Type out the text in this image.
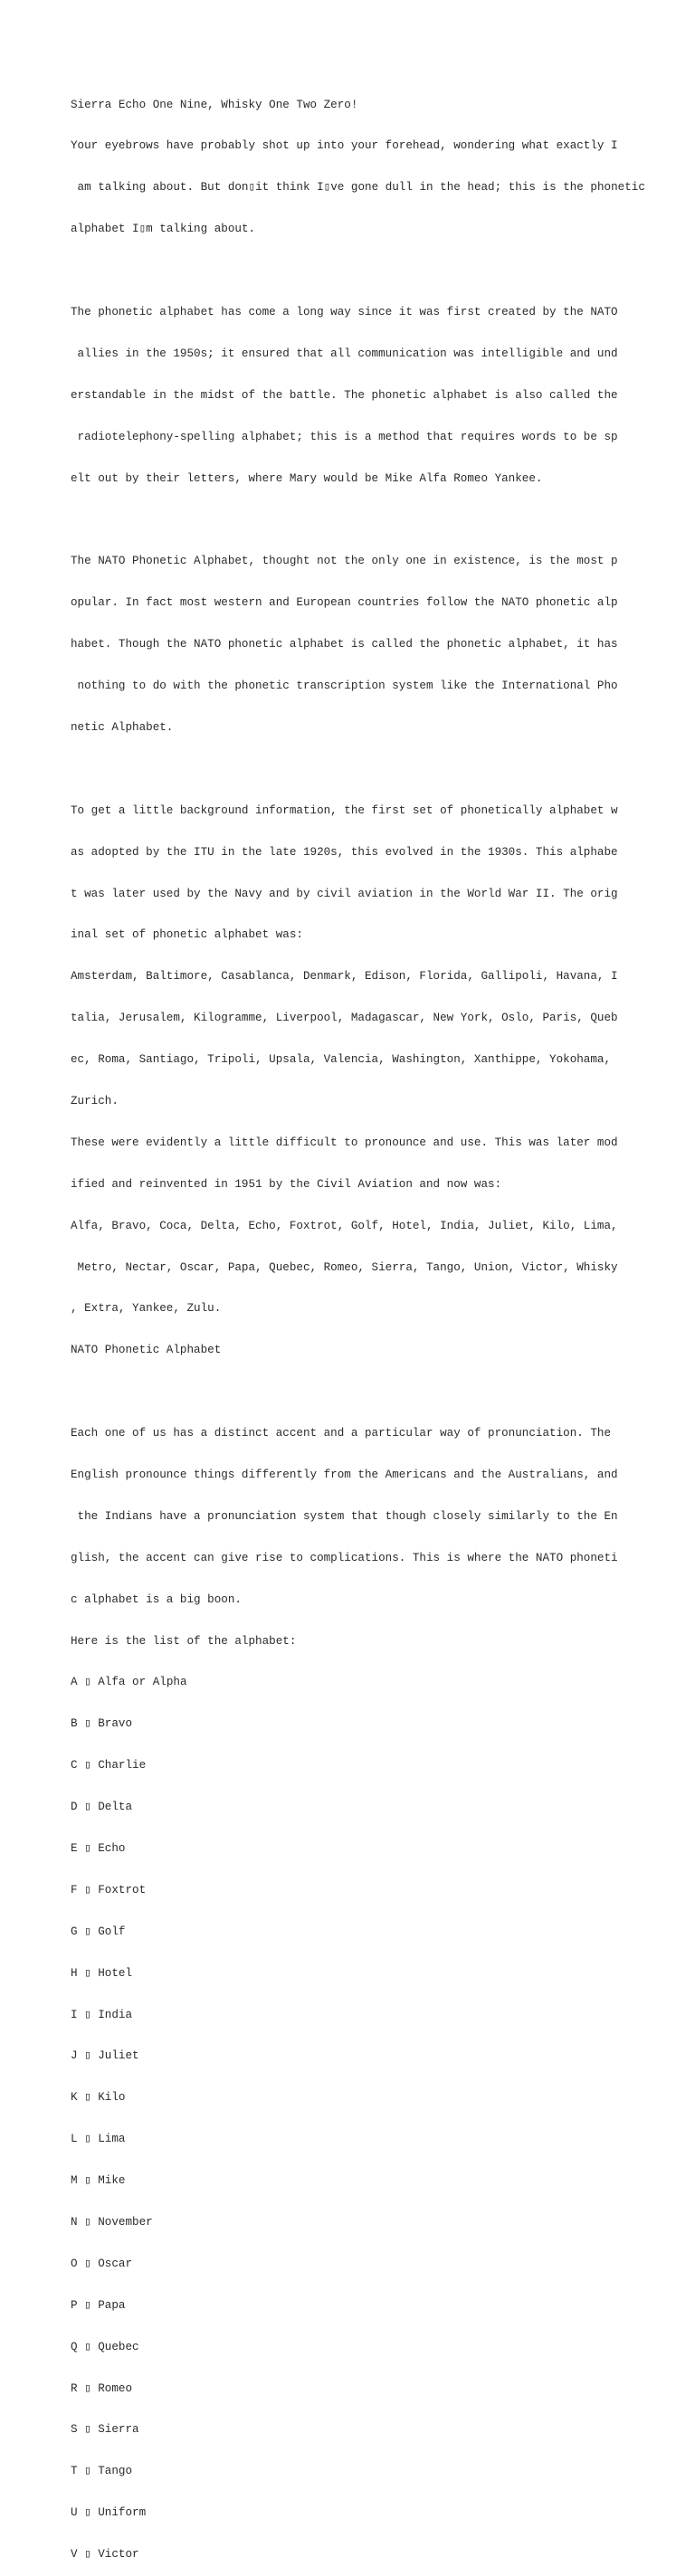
Sierra Echo One Nine, Whisky One Two Zero!

Your eyebrows have probably shot up into your forehead, wondering what exactly I

am talking about. But don▯it think I▯ve gone dull in the head; this is the phonetic

alphabet I▯m talking about.

The phonetic alphabet has come a long way since it was first created by the NATO

allies in the 1950s; it ensured that all communication was intelligible and und

erstandable in the midst of the battle. The phonetic alphabet is also called the

radiotelephony-spelling alphabet; this is a method that requires words to be sp

elt out by their letters, where Mary would be Mike Alfa Romeo Yankee.

The NATO Phonetic Alphabet, thought not the only one in existence, is the most p

opular. In fact most western and European countries follow the NATO phonetic alp

habet. Though the NATO phonetic alphabet is called the phonetic alphabet, it has

nothing to do with the phonetic transcription system like the International Pho

netic Alphabet.

To get a little background information, the first set of phonetically alphabet w

as adopted by the ITU in the late 1920s, this evolved in the 1930s. This alphabe

t was later used by the Navy and by civil aviation in the World War II. The orig

inal set of phonetic alphabet was:

Amsterdam, Baltimore, Casablanca, Denmark, Edison, Florida, Gallipoli, Havana, I

talia, Jerusalem, Kilogramme, Liverpool, Madagascar, New York, Oslo, Paris, Queb

ec, Roma, Santiago, Tripoli, Upsala, Valencia, Washington, Xanthippe, Yokohama,

Zurich.

These were evidently a little difficult to pronounce and use. This was later mod

ified and reinvented in 1951 by the Civil Aviation and now was:

Alfa, Bravo, Coca, Delta, Echo, Foxtrot, Golf, Hotel, India, Juliet, Kilo, Lima,

Metro, Nectar, Oscar, Papa, Quebec, Romeo, Sierra, Tango, Union, Victor, Whisky

, Extra, Yankee, Zulu.

NATO Phonetic Alphabet

Each one of us has a distinct accent and a particular way of pronunciation. The

English pronounce things differently from the Americans and the Australians, and

the Indians have a pronunciation system that though closely similarly to the En

glish, the accent can give rise to complications. This is where the NATO phoneti

c alphabet is a big boon.

Here is the list of the alphabet:

A ▯ Alfa or Alpha

B ▯ Bravo

C ▯ Charlie

D ▯ Delta

E ▯ Echo

F ▯ Foxtrot

G ▯ Golf

H ▯ Hotel

I ▯ India

J ▯ Juliet

K ▯ Kilo

L ▯ Lima

M ▯ Mike

N ▯ November

O ▯ Oscar

P ▯ Papa

Q ▯ Quebec

R ▯ Romeo

S ▯ Sierra

T ▯ Tango

U ▯ Uniform

V ▯ Victor
